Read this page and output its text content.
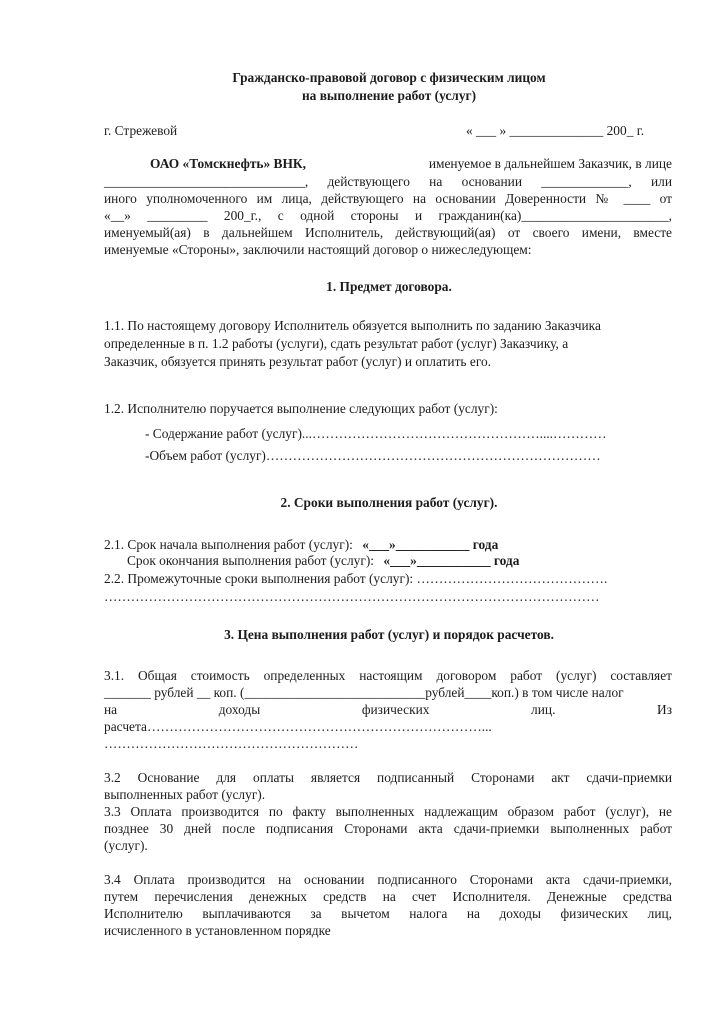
Гражданско-правовой договор с физическим лицом
на выполнение работ (услуг)
г. Стрежевой	« ___ » ______________ 200_ г.
ОАО «Томскнефть» ВНК,	именуемое в дальнейшем Заказчик, в лице
______________________________, действующего на основании _____________, или
иного уполномоченного им лица, действующего на основании Доверенности № ____ от
«__» _________ 200_г., с одной стороны и гражданин(ка)______________________,
именуемый(ая) в дальнейшем Исполнитель, действующий(ая) от своего имени, вместе
именуемые «Стороны», заключили настоящий договор о нижеследующем:
1. Предмет договора.
1.1. По настоящему договору Исполнитель обязуется выполнить по заданию Заказчика
определенные в п. 1.2 работы (услуги), сдать результат работ (услуг) Заказчику, а
Заказчик, обязуется принять результат работ (услуг) и оплатить его.
1.2. Исполнителю поручается выполнение следующих работ (услуг):
- Содержание работ (услуг)...……………………………………………....…………
-Объем работ (услуг)…………………………………………………………………
2. Сроки выполнения работ (услуг).
2.1. Срок начала выполнения работ (услуг): «___»___________ года
Срок окончания выполнения работ (услуг): «___»___________ года
2.2. Промежуточные сроки выполнения работ (услуг): …………………………………….
…………………………………………………………………………………………………
3. Цена выполнения работ (услуг) и порядок расчетов.
3.1. Общая стоимость определенных настоящим договором работ (услуг) составляет
_______ рублей __ коп. (___________________________рублей____коп.) в том числе налог
на доходы физических лиц. Из
расчета…………………………………………………………………...
…………………………………………………
3.2 Основание для оплаты является подписанный Сторонами акт сдачи-приемки
выполненных работ (услуг).
3.3 Оплата производится по факту выполненных надлежащим образом работ (услуг), не
позднее 30 дней после подписания Сторонами акта сдачи-приемки выполненных работ
(услуг).
3.4 Оплата производится на основании подписанного Сторонами акта сдачи-приемки,
путем перечисления денежных средств на счет Исполнителя. Денежные средства
Исполнителю выплачиваются за вычетом налога на доходы физических лиц,
исчисленного в установленном порядке
